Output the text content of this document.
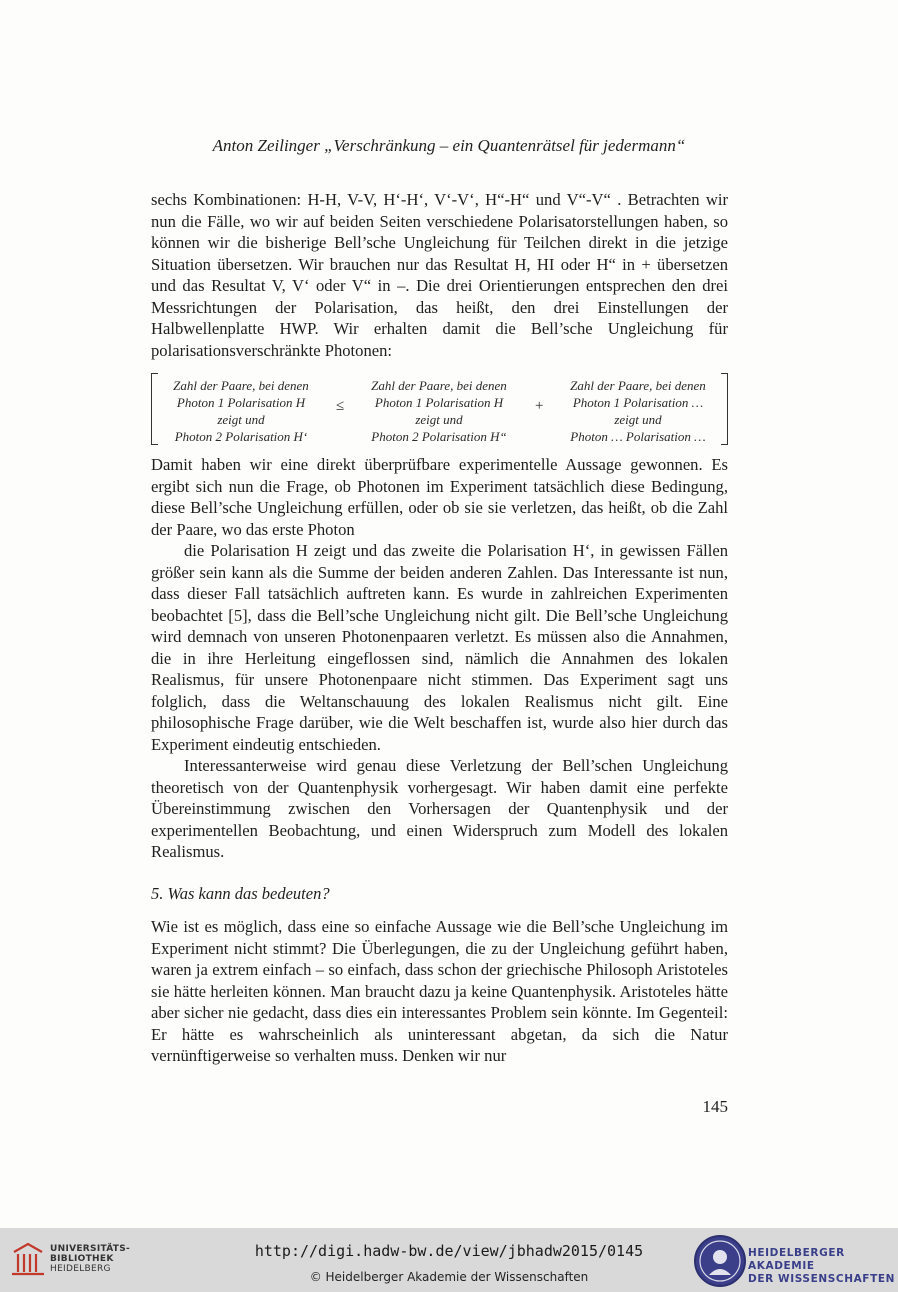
Anton Zeilinger „Verschränkung – ein Quantenrätsel für jedermann“

sechs Kombinationen: H-H, V-V, H‘-H‘, V‘-V‘, H“-H“ und V“-V“ . Betrachten wir nun die Fälle, wo wir auf beiden Seiten verschiedene Polarisatorstellungen haben, so können wir die bisherige Bell’sche Ungleichung für Teilchen direkt in die jetzige Situation übersetzen. Wir brauchen nur das Resultat H, HI oder H“ in + übersetzen und das Resultat V, V‘ oder V“ in –. Die drei Orientierungen entsprechen den drei Messrichtungen der Polarisation, das heißt, den drei Einstellungen der Halbwellenplatte HWP. Wir erhalten damit die Bell’sche Ungleichung für polarisationsverschränkte Photonen:

Zahl der Paare, bei denen
Photon 1 Polarisation H
zeigt und
Photon 2 Polarisation H‘
≤
Zahl der Paare, bei denen
Photon 1 Polarisation H
zeigt und
Photon 2 Polarisation H“
+
Zahl der Paare, bei denen
Photon 1 Polarisation …
zeigt und
Photon … Polarisation …

Damit haben wir eine direkt überprüfbare experimentelle Aussage gewonnen. Es ergibt sich nun die Frage, ob Photonen im Experiment tatsächlich diese Bedingung, diese Bell’sche Ungleichung erfüllen, oder ob sie sie verletzen, das heißt, ob die Zahl der Paare, wo das erste Photon

die Polarisation H zeigt und das zweite die Polarisation H‘, in gewissen Fällen größer sein kann als die Summe der beiden anderen Zahlen. Das Interessante ist nun, dass dieser Fall tatsächlich auftreten kann. Es wurde in zahlreichen Experimenten beobachtet [5], dass die Bell’sche Ungleichung nicht gilt. Die Bell’sche Ungleichung wird demnach von unseren Photonenpaaren verletzt. Es müssen also die Annahmen, die in ihre Herleitung eingeflossen sind, nämlich die Annahmen des lokalen Realismus, für unsere Photonenpaare nicht stimmen. Das Experiment sagt uns folglich, dass die Weltanschauung des lokalen Realismus nicht gilt. Eine philosophische Frage darüber, wie die Welt beschaffen ist, wurde also hier durch das Experiment eindeutig entschieden.

Interessanterweise wird genau diese Verletzung der Bell’schen Ungleichung theoretisch von der Quantenphysik vorhergesagt. Wir haben damit eine perfekte Übereinstimmung zwischen den Vorhersagen der Quantenphysik und der experimentellen Beobachtung, und einen Widerspruch zum Modell des lokalen Realismus.

5. Was kann das bedeuten?

Wie ist es möglich, dass eine so einfache Aussage wie die Bell’sche Ungleichung im Experiment nicht stimmt? Die Überlegungen, die zu der Ungleichung geführt haben, waren ja extrem einfach – so einfach, dass schon der griechische Philosoph Aristoteles sie hätte herleiten können. Man braucht dazu ja keine Quantenphysik. Aristoteles hätte aber sicher nie gedacht, dass dies ein interessantes Problem sein könnte. Im Gegenteil: Er hätte es wahrscheinlich als uninteressant abgetan, da sich die Natur vernünftigerweise so verhalten muss. Denken wir nur

145
UNIVERSITÄTS-
BIBLIOTHEK
HEIDELBERG
http://digi.hadw-bw.de/view/jbhadw2015/0145
© Heidelberger Akademie der Wissenschaften
HEIDELBERGER AKADEMIE
DER WISSENSCHAFTEN
